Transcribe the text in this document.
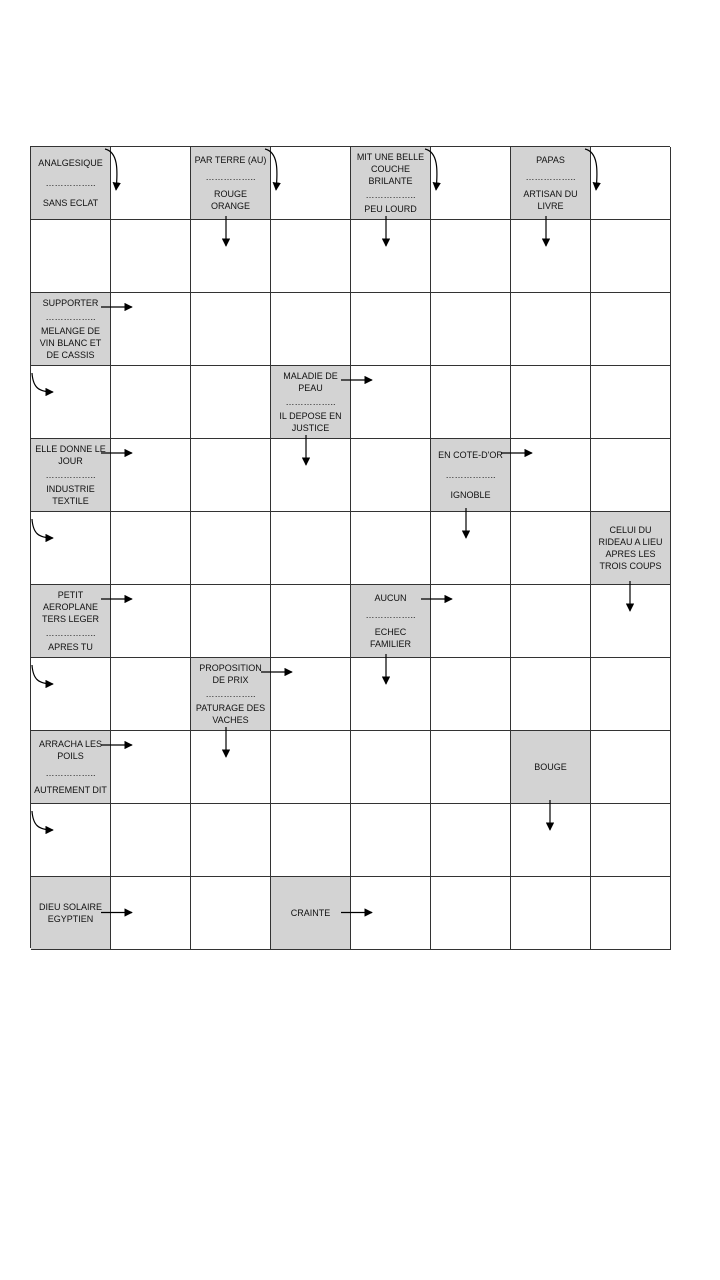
ANALGESIQUE
……………..
SANS ECLAT
PAR TERRE (AU)
……………..
ROUGE ORANGE
MIT UNE BELLE COUCHE BRILANTE
……………..
PEU LOURD
PAPAS
……………..
ARTISAN DU LIVRE
SUPPORTER
……………..
MELANGE DE VIN BLANC ET DE CASSIS
MALADIE DE PEAU
……………..
IL DEPOSE EN JUSTICE
ELLE DONNE LE JOUR
……………..
INDUSTRIE TEXTILE
EN COTE-D'OR
……………..
IGNOBLE
CELUI DU RIDEAU A LIEU APRES LES TROIS COUPS
PETIT AEROPLANE TERS LEGER
……………..
APRES TU
AUCUN
……………..
ECHEC FAMILIER
PROPOSITION DE PRIX
……………..
PATURAGE DES VACHES
ARRACHA LES POILS
……………..
AUTREMENT DIT
BOUGE
DIEU SOLAIRE EGYPTIEN
CRAINTE
